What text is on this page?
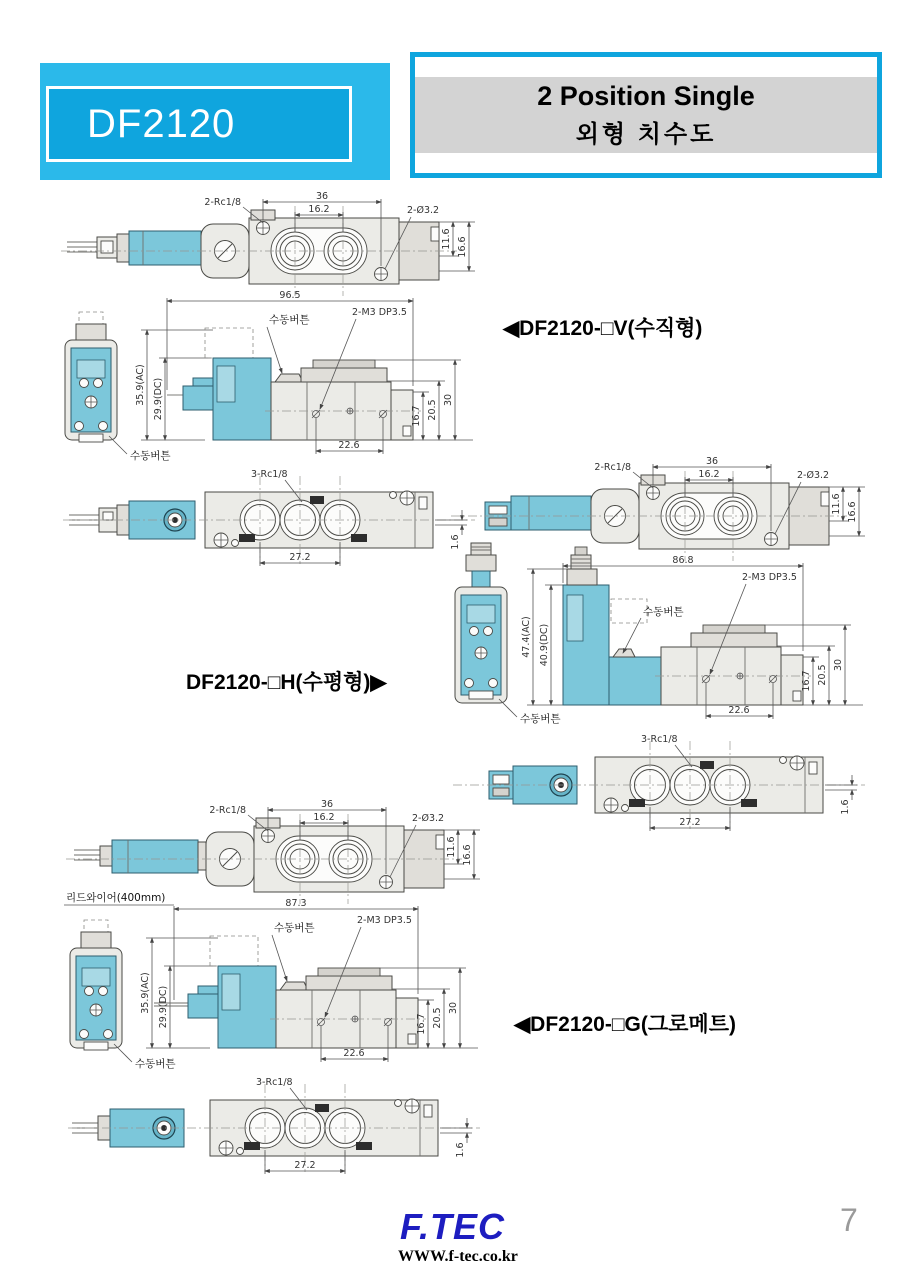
DF2120
2 Position Single
외형 치수도
36
16.2
2-Rc1/8
2-Ø3.2
11.6 16.6
수동버튼
35.9(AC) 29.9(DC)
2-M3 DP3.5
수동버튼
96.5
16.7 20.5 30
22.6
3-Rc1/8
27.2
1.6
◀DF2120-□V(수직형)
36
16.2
2-Rc1/8
2-Ø3.2
11.6 16.6
수동버튼
47.4(AC) 40.9(DC)
2-M3 DP3.5
수동버튼
86.8
16.7 20.5 30
22.6
3-Rc1/8
27.2
1.6
DF2120-□H(수평형)▶
36
16.2
2-Rc1/8
2-Ø3.2
11.6 16.6
리드와이어(400mm)
수동버튼
35.9(AC) 29.9(DC)
2-M3 DP3.5
수동버튼
87.3
16.7 20.5 30
22.6
3-Rc1/8
27.2
1.6
◀DF2120-□G(그로메트)
F.TEC
WWW.f-tec.co.kr
7
